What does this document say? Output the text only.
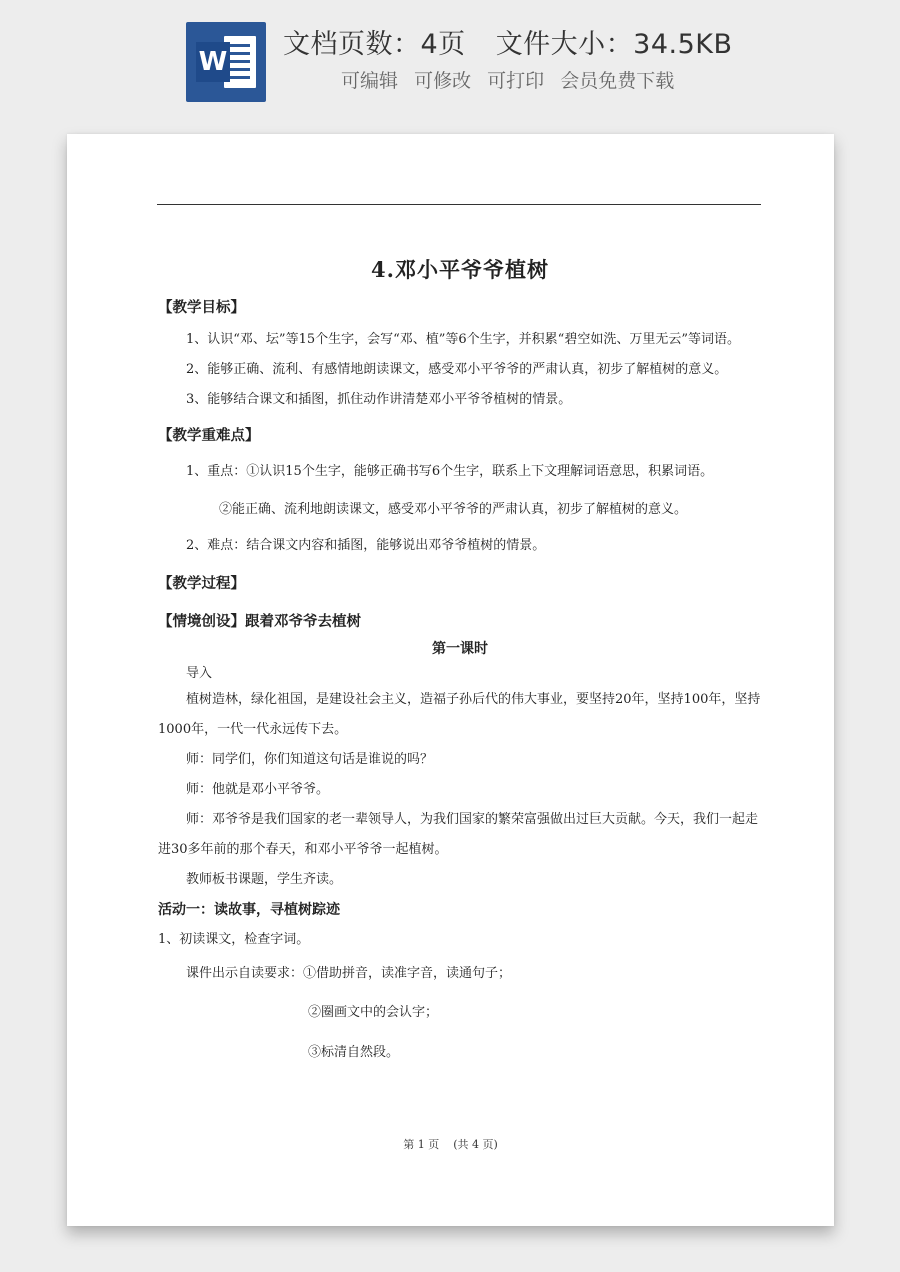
W
文档页数：4页 文件大小：34.5KB
可编辑 可修改 可打印 会员免费下载

4.邓小平爷爷植树

【教学目标】

1、认识“邓、坛”等15个生字，会写“邓、植”等6个生字，并积累“碧空如洗、万里无云”等词语。

2、能够正确、流利、有感情地朗读课文，感受邓小平爷爷的严肃认真，初步了解植树的意义。

3、能够结合课文和插图，抓住动作讲清楚邓小平爷爷植树的情景。

【教学重难点】

1、重点：①认识15个生字，能够正确书写6个生字，联系上下文理解词语意思，积累词语。

②能正确、流利地朗读课文，感受邓小平爷爷的严肃认真，初步了解植树的意义。

2、难点：结合课文内容和插图，能够说出邓爷爷植树的情景。

【教学过程】

【情境创设】跟着邓爷爷去植树

第一课时

导入

植树造林，绿化祖国，是建设社会主义，造福子孙后代的伟大事业，要坚持20年，坚持100年，坚持1000年，一代一代永远传下去。

师：同学们，你们知道这句话是谁说的吗？

师：他就是邓小平爷爷。

师：邓爷爷是我们国家的老一辈领导人，为我们国家的繁荣富强做出过巨大贡献。今天，我们一起走进30多年前的那个春天，和邓小平爷爷一起植树。

教师板书课题，学生齐读。

活动一：读故事，寻植树踪迹

1、初读课文，检查字词。

课件出示自读要求：①借助拼音，读准字音，读通句子；

②圈画文中的会认字；

③标清自然段。

第 1 页    (共 4 页)
